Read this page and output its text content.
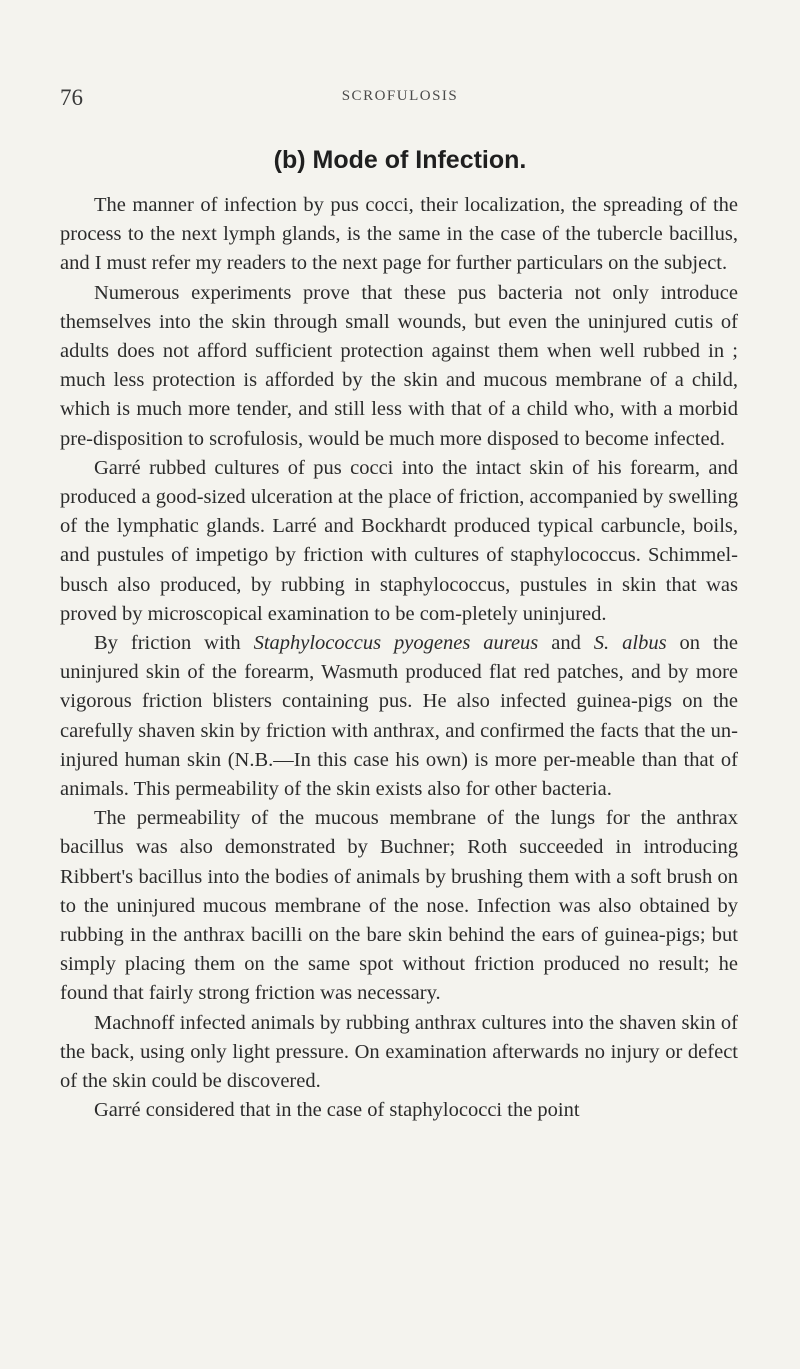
76	SCROFULOSIS
(b) Mode of Infection.

The manner of infection by pus cocci, their localization, the spreading of the process to the next lymph glands, is the same in the case of the tubercle bacillus, and I must refer my readers to the next page for further particulars on the subject.

Numerous experiments prove that these pus bacteria not only introduce themselves into the skin through small wounds, but even the uninjured cutis of adults does not afford sufficient protection against them when well rubbed in ; much less protection is afforded by the skin and mucous membrane of a child, which is much more tender, and still less with that of a child who, with a morbid pre-disposition to scrofulosis, would be much more disposed to become infected.

Garré rubbed cultures of pus cocci into the intact skin of his forearm, and produced a good-sized ulceration at the place of friction, accompanied by swelling of the lymphatic glands. Larré and Bockhardt produced typical carbuncle, boils, and pustules of impetigo by friction with cultures of staphylococcus. Schimmel-busch also produced, by rubbing in staphylococcus, pustules in skin that was proved by microscopical examination to be com-pletely uninjured.

By friction with Staphylococcus pyogenes aureus and S. albus on the uninjured skin of the forearm, Wasmuth produced flat red patches, and by more vigorous friction blisters containing pus. He also infected guinea-pigs on the carefully shaven skin by friction with anthrax, and confirmed the facts that the un-injured human skin (N.B.—In this case his own) is more per-meable than that of animals. This permeability of the skin exists also for other bacteria.

The permeability of the mucous membrane of the lungs for the anthrax bacillus was also demonstrated by Buchner; Roth succeeded in introducing Ribbert's bacillus into the bodies of animals by brushing them with a soft brush on to the uninjured mucous membrane of the nose. Infection was also obtained by rubbing in the anthrax bacilli on the bare skin behind the ears of guinea-pigs; but simply placing them on the same spot without friction produced no result; he found that fairly strong friction was necessary.

Machnoff infected animals by rubbing anthrax cultures into the shaven skin of the back, using only light pressure. On examination afterwards no injury or defect of the skin could be discovered.

Garré considered that in the case of staphylococci the point
